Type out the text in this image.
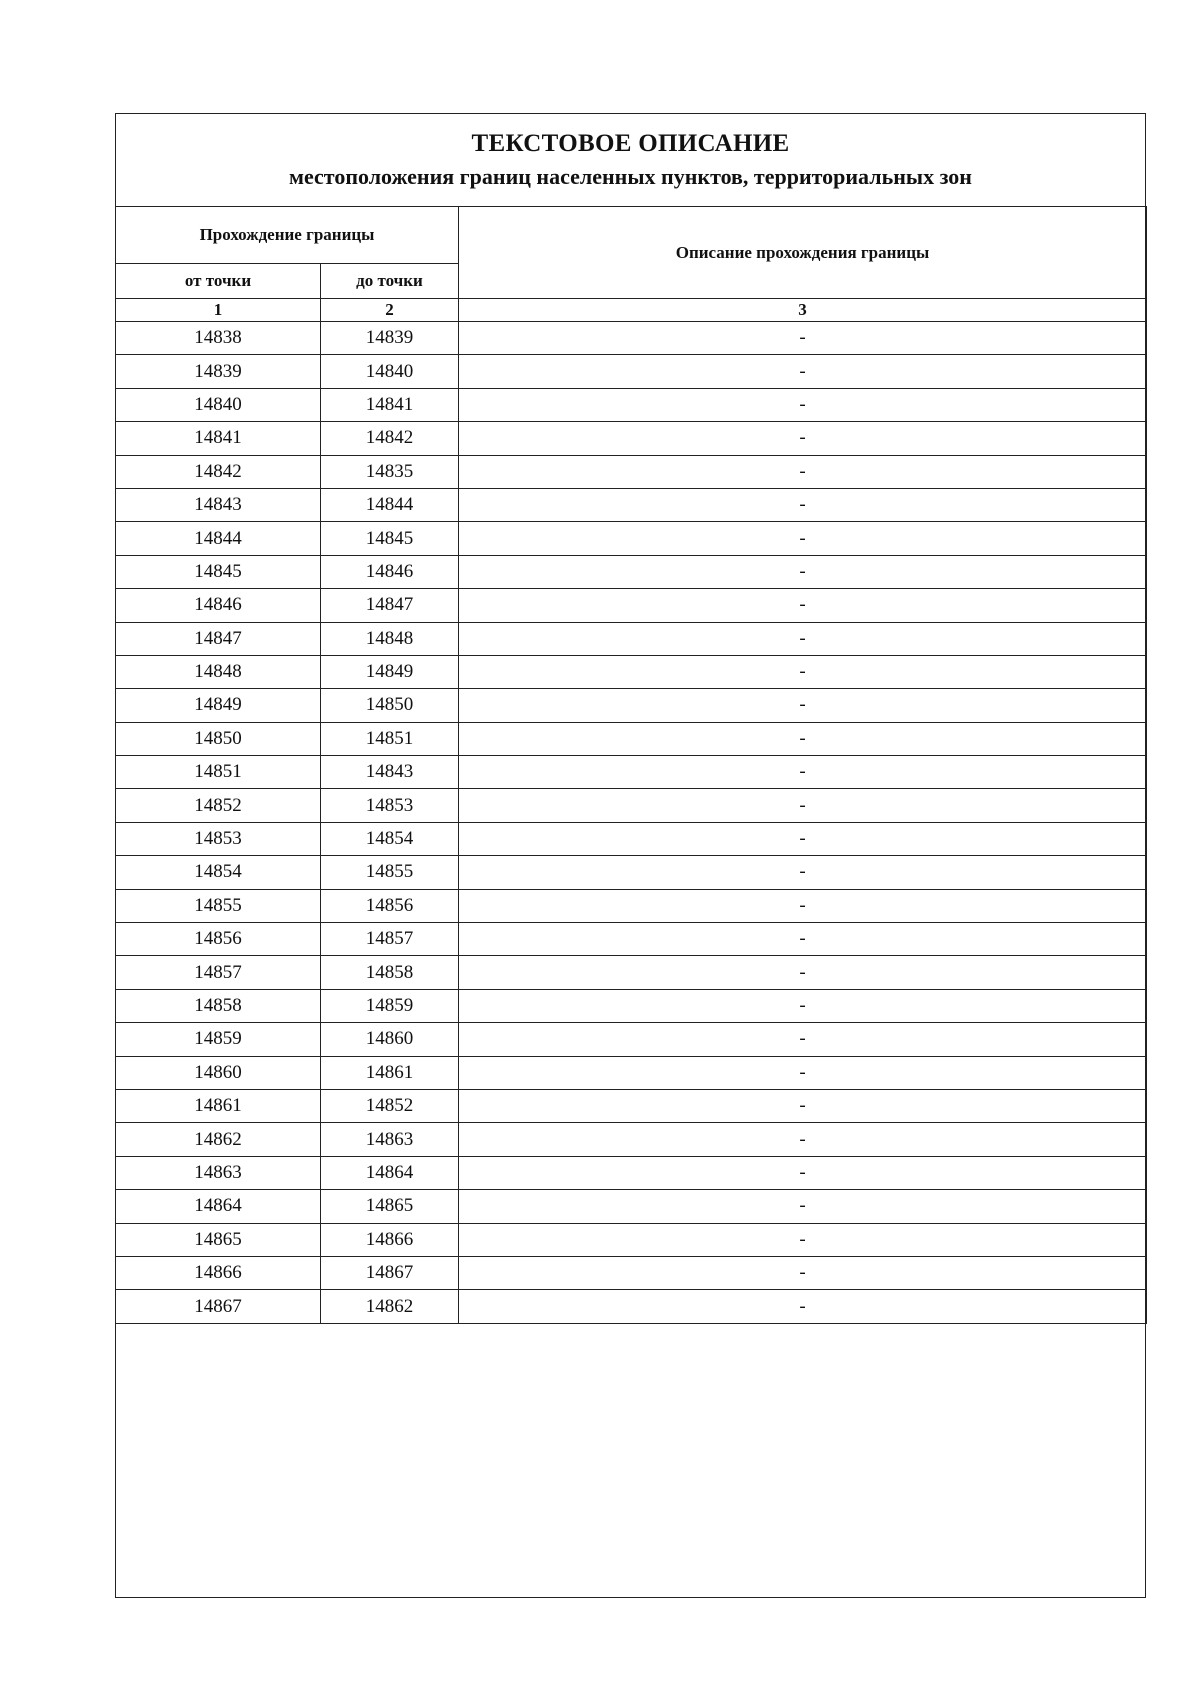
ТЕКСТОВОЕ ОПИСАНИЕ
местоположения границ населенных пунктов, территориальных зон
Прохождение границы		Описание прохождения границы
от точки	до точки	
1	2	3
14838	14839	-
14839	14840	-
14840	14841	-
14841	14842	-
14842	14835	-
14843	14844	-
14844	14845	-
14845	14846	-
14846	14847	-
14847	14848	-
14848	14849	-
14849	14850	-
14850	14851	-
14851	14843	-
14852	14853	-
14853	14854	-
14854	14855	-
14855	14856	-
14856	14857	-
14857	14858	-
14858	14859	-
14859	14860	-
14860	14861	-
14861	14852	-
14862	14863	-
14863	14864	-
14864	14865	-
14865	14866	-
14866	14867	-
14867	14862	-
